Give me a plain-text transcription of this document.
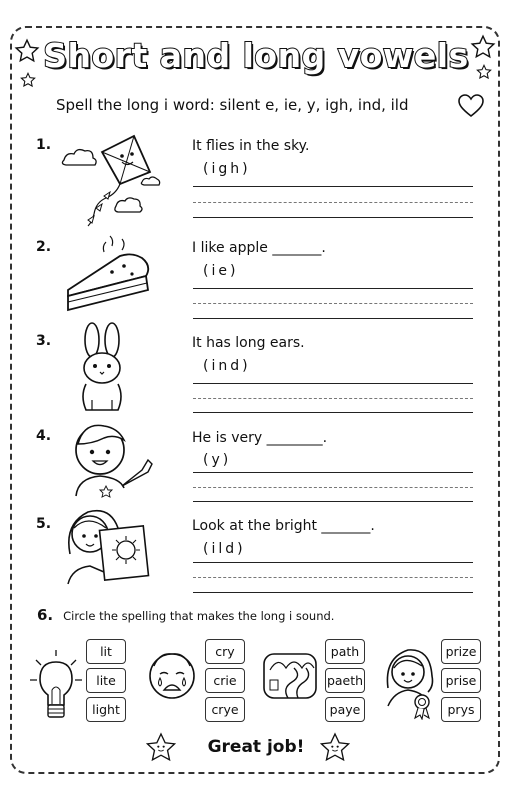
Short and long vowels
Spell the long i word: silent e, ie, y, igh, ind, ild
1.	It flies in the sky.
(igh)
2.	I like apple _______.
(ie)
3.	It has long ears.
(ind)
4.	He is very ________.
(y)
5.	Look at the bright _______.
(ild)
6. Circle the spelling that makes the long i sound.
lit
lite
light
cry
crie
crye
path
paeth
paye
prize
prise
prys
Great job!
